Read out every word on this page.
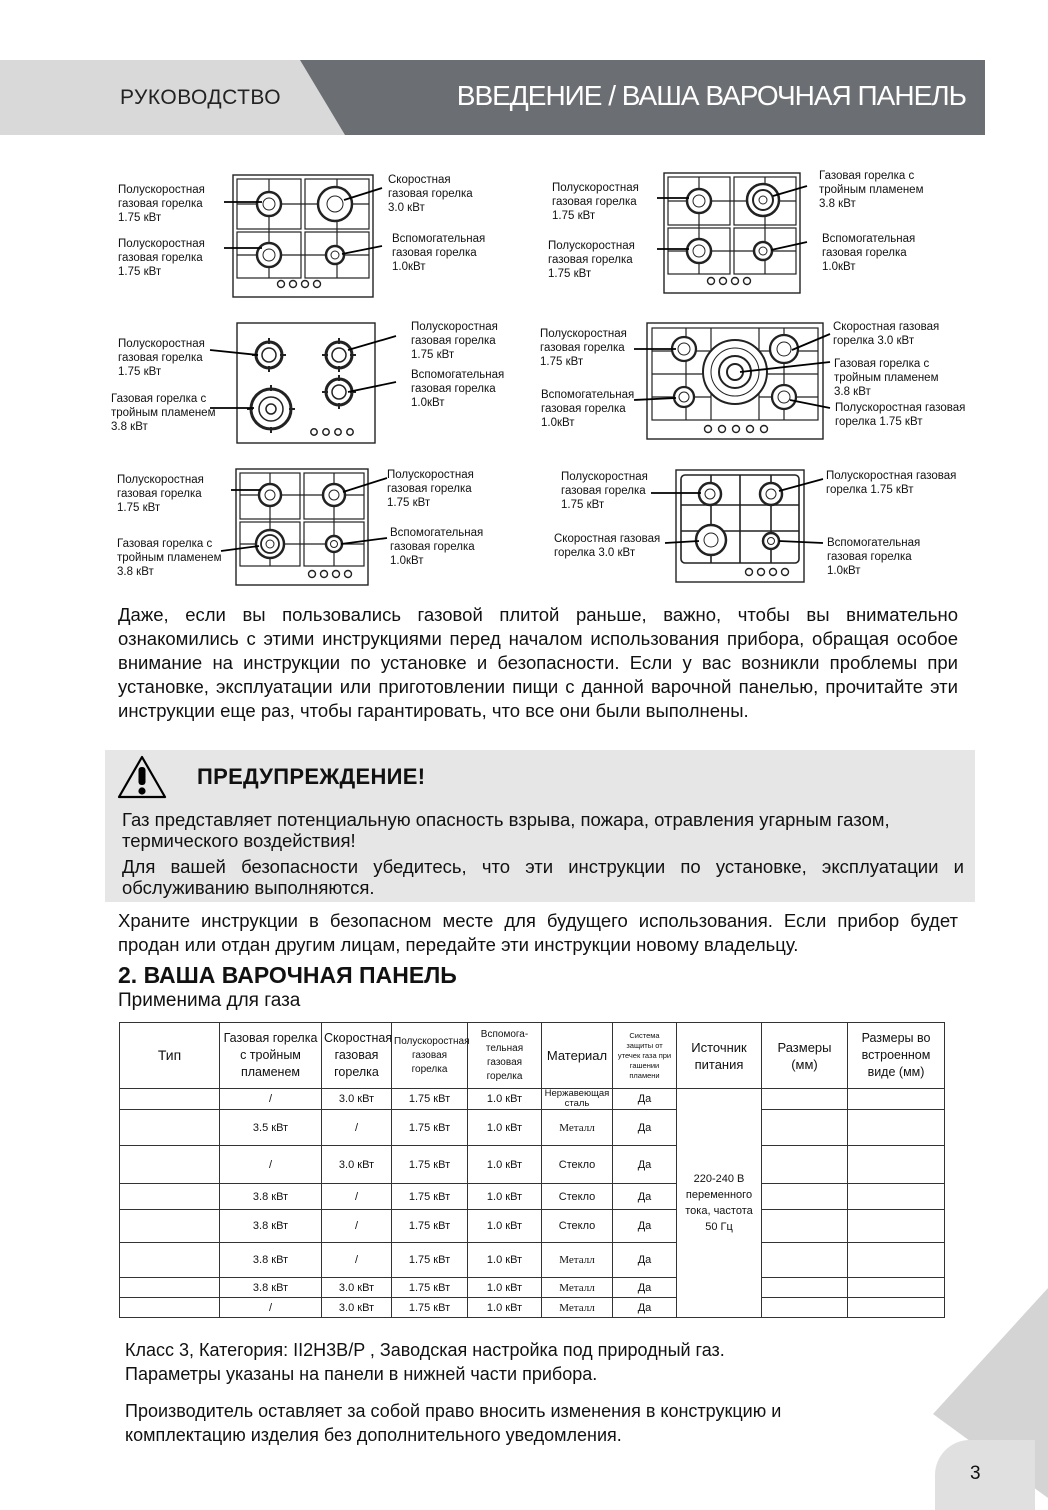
РУКОВОДСТВО	ВВЕДЕНИЕ / ВАША ВАРОЧНАЯ ПАНЕЛЬ
Полускоростная
газовая горелка
1.75 кВт
Полускоростная
газовая горелка
1.75 кВт
Скоростная
газовая горелка
3.0 кВт
Вспомогательная
газовая горелка
1.0кВт
Полускоростная
газовая горелка
1.75 кВт
Полускоростная
газовая горелка
1.75 кВт
Газовая горелка с
тройным пламенем
3.8 кВт
Вспомогательная
газовая горелка
1.0кВт
Полускоростная
газовая горелка
1.75 кВт
Газовая горелка с
тройным пламенем
3.8 кВт
Полускоростная
газовая горелка
1.75 кВт
Вспомогательная
газовая горелка
1.0кВт
Полускоростная
газовая горелка
1.75 кВт
Вспомогательная
газовая горелка
1.0кВт
Скоростная газовая
горелка 3.0 кВт
Газовая горелка с
тройным пламенем
3.8 кВт
Полускоростная газовая
горелка 1.75 кВт
Полускоростная
газовая горелка
1.75 кВт
Газовая горелка с
тройным пламенем
3.8 кВт
Полускоростная
газовая горелка
1.75 кВт
Вспомогательная
газовая горелка
1.0кВт
Полускоростная
газовая горелка
1.75 кВт
Скоростная газовая
горелка 3.0 кВт
Полускоростная газовая
горелка 1.75 кВт
Вспомогательная
газовая горелка
1.0кВт
Даже, если вы пользовались газовой плитой раньше, важно, чтобы вы внимательно ознакомились с этими инструкциями перед началом использования прибора, обращая особое внимание на инструкции по установке и безопасности. Если у вас возникли проблемы при установке, эксплуатации или приготовлении пищи с данной варочной панелью, прочитайте эти инструкции еще раз, чтобы гарантировать, что все они были выполнены.
ПРЕДУПРЕЖДЕНИЕ!
Газ представляет потенциальную опасность взрыва, пожара, отравления угарным газом, термического воздействия!
Для вашей безопасности убедитесь, что эти инструкции по установке, эксплуатации и обслуживанию выполняются.
Храните инструкции в безопасном месте для будущего использования. Если прибор будет продан или отдан другим лицам, передайте эти инструкции новому владельцу.
2. ВАША ВАРОЧНАЯ ПАНЕЛЬ
Применима для газа
Тип	Газовая горелка с тройным пламенем	Скоростная газовая горелка	Полускоростная газовая горелка	Вспомога-тельная газовая горелка	Материал	Система защиты от утечек газа при гашении пламени	Источник питания	Размеры (мм)	Размеры во встроенном виде (мм)
	/	3.0 кВт	1.75 кВт	1.0 кВт	Нержавеющая сталь	Да	220-240 В переменного тока, частота 50 Гц		
	3.5 кВт	/	1.75 кВт	1.0 кВт	Металл	Да			
	/	3.0 кВт	1.75 кВт	1.0 кВт	Стекло	Да			
	3.8 кВт	/	1.75 кВт	1.0 кВт	Стекло	Да			
	3.8 кВт	/	1.75 кВт	1.0 кВт	Стекло	Да			
	3.8 кВт	/	1.75 кВт	1.0 кВт	Металл	Да			
	3.8 кВт	3.0 кВт	1.75 кВт	1.0 кВт	Металл	Да			
	/	3.0 кВт	1.75 кВт	1.0 кВт	Металл	Да			
Класс 3, Категория: II2H3B/P , Заводская настройка под природный газ.
Параметры указаны на панели в нижней части прибора.
Производитель оставляет за собой право вносить изменения в конструкцию и комплектацию изделия без дополнительного уведомления.
3
